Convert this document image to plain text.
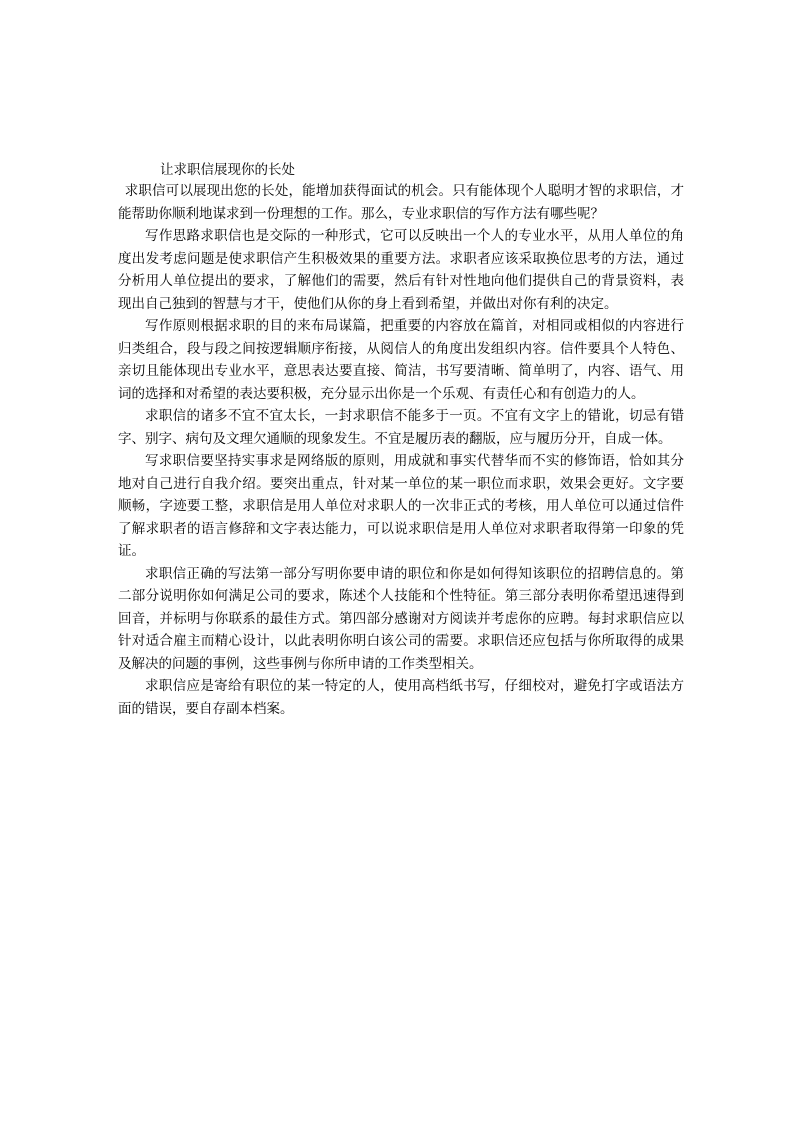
让求职信展现你的长处

求职信可以展现出您的长处，能增加获得面试的机会。只有能体现个人聪明才智的求职信，才能帮助你顺利地谋求到一份理想的工作。那么，专业求职信的写作方法有哪些呢？

写作思路求职信也是交际的一种形式，它可以反映出一个人的专业水平，从用人单位的角度出发考虑问题是使求职信产生积极效果的重要方法。求职者应该采取换位思考的方法，通过分析用人单位提出的要求，了解他们的需要，然后有针对性地向他们提供自己的背景资料，表现出自己独到的智慧与才干，使他们从你的身上看到希望，并做出对你有利的决定。

写作原则根据求职的目的来布局谋篇，把重要的内容放在篇首，对相同或相似的内容进行归类组合，段与段之间按逻辑顺序衔接，从阅信人的角度出发组织内容。信件要具个人特色、亲切且能体现出专业水平，意思表达要直接、简洁，书写要清晰、简单明了，内容、语气、用词的选择和对希望的表达要积极，充分显示出你是一个乐观、有责任心和有创造力的人。

求职信的诸多不宜不宜太长，一封求职信不能多于一页。不宜有文字上的错讹，切忌有错字、别字、病句及文理欠通顺的现象发生。不宜是履历表的翻版，应与履历分开，自成一体。

写求职信要坚持实事求是网络版的原则，用成就和事实代替华而不实的修饰语，恰如其分地对自己进行自我介绍。要突出重点，针对某一单位的某一职位而求职，效果会更好。文字要顺畅，字迹要工整，求职信是用人单位对求职人的一次非正式的考核，用人单位可以通过信件了解求职者的语言修辞和文字表达能力，可以说求职信是用人单位对求职者取得第一印象的凭证。

求职信正确的写法第一部分写明你要申请的职位和你是如何得知该职位的招聘信息的。第二部分说明你如何满足公司的要求，陈述个人技能和个性特征。第三部分表明你希望迅速得到回音，并标明与你联系的最佳方式。第四部分感谢对方阅读并考虑你的应聘。每封求职信应以针对适合雇主而精心设计，以此表明你明白该公司的需要。求职信还应包括与你所取得的成果及解决的问题的事例，这些事例与你所申请的工作类型相关。

求职信应是寄给有职位的某一特定的人，使用高档纸书写，仔细校对，避免打字或语法方面的错误，要自存副本档案。
